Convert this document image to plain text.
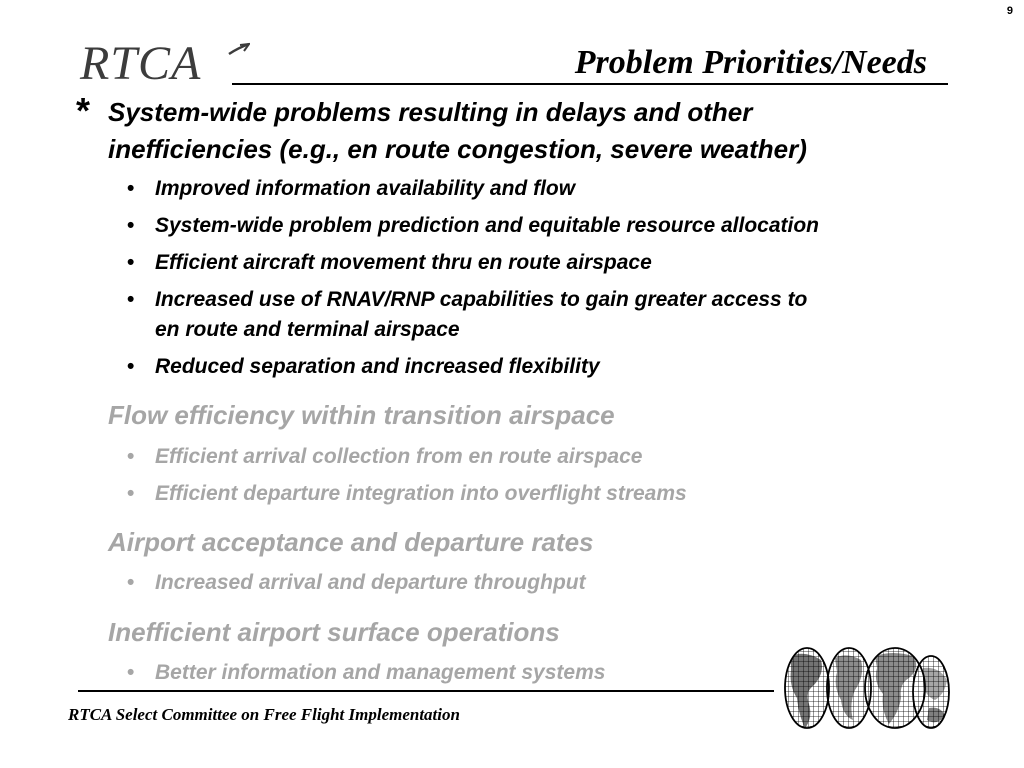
9
RTCA	Problem Priorities/Needs
* System-wide problems resulting in delays and other
inefficiencies (e.g., en route congestion, severe weather)
• Improved information availability and flow
• System-wide problem prediction and equitable resource allocation
• Efficient aircraft movement thru en route airspace
• Increased use of RNAV/RNP capabilities to gain greater access to
en route and terminal airspace
• Reduced separation and increased flexibility
Flow efficiency within transition airspace
• Efficient arrival collection from en route airspace
• Efficient departure integration into overflight streams
Airport acceptance and departure rates
• Increased arrival and departure throughput
Inefficient airport surface operations
• Better information and management systems
RTCA Select Committee on Free Flight Implementation
